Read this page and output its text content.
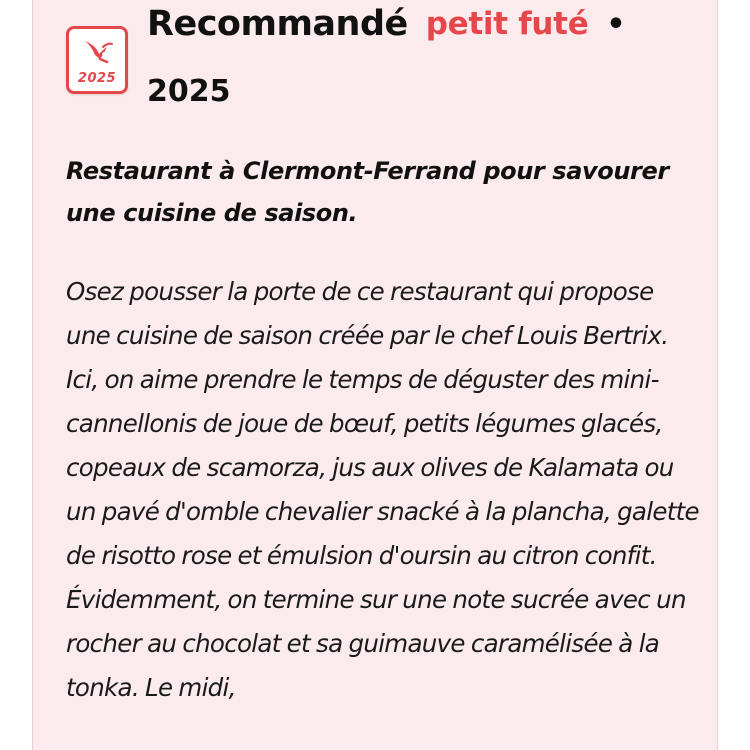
2025
Recommandé petit futé •
2025
Restaurant à Clermont-Ferrand pour savourer une cuisine de saison.
Osez pousser la porte de ce restaurant qui propose une cuisine de saison créée par le chef Louis Bertrix. Ici, on aime prendre le temps de déguster des mini-cannellonis de joue de bœuf, petits légumes glacés, copeaux de scamorza, jus aux olives de Kalamata ou un pavé d'omble chevalier snacké à la plancha, galette de risotto rose et émulsion d'oursin au citron confit. Évidemment, on termine sur une note sucrée avec un rocher au chocolat et sa guimauve caramélisée à la tonka. Le midi,
